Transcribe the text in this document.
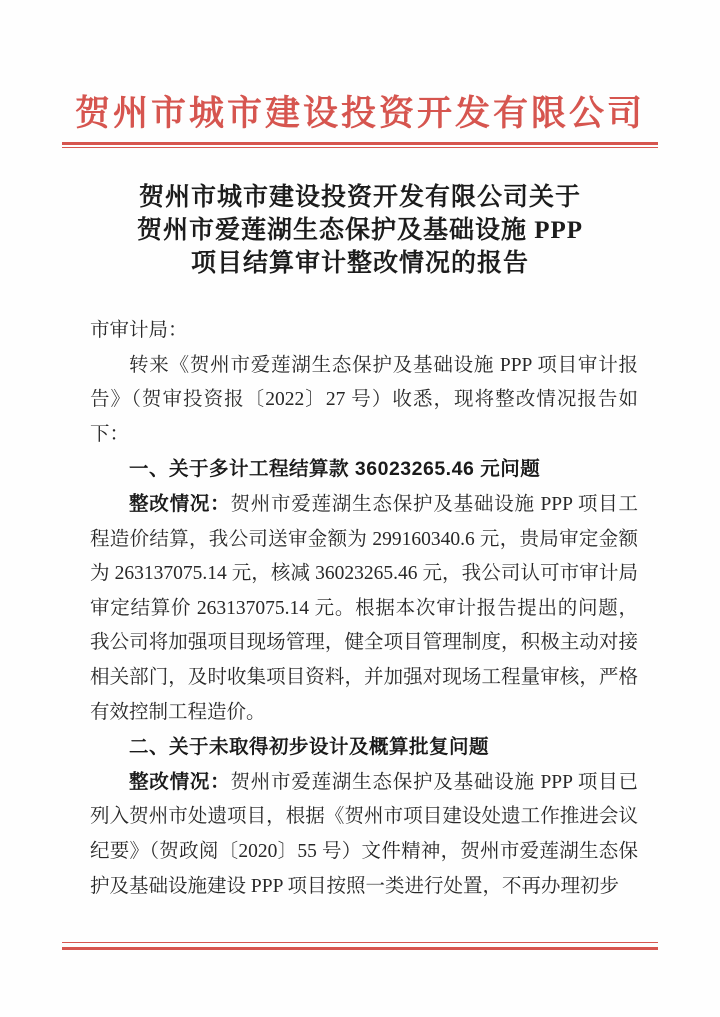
贺州市城市建设投资开发有限公司
贺州市城市建设投资开发有限公司关于
贺州市爱莲湖生态保护及基础设施 PPP
项目结算审计整改情况的报告

市审计局：

转来《贺州市爱莲湖生态保护及基础设施 PPP 项目审计报告》（贺审投资报〔2022〕27 号）收悉，现将整改情况报告如下：

一、关于多计工程结算款 36023265.46 元问题

整改情况：贺州市爱莲湖生态保护及基础设施 PPP 项目工程造价结算，我公司送审金额为 299160340.6 元，贵局审定金额为 263137075.14 元，核减 36023265.46 元，我公司认可市审计局审定结算价 263137075.14 元。根据本次审计报告提出的问题，我公司将加强项目现场管理，健全项目管理制度，积极主动对接相关部门，及时收集项目资料，并加强对现场工程量审核，严格有效控制工程造价。

二、关于未取得初步设计及概算批复问题

整改情况：贺州市爱莲湖生态保护及基础设施 PPP 项目已列入贺州市处遗项目，根据《贺州市项目建设处遗工作推进会议纪要》（贺政阅〔2020〕55 号）文件精神，贺州市爱莲湖生态保护及基础设施建设 PPP 项目按照一类进行处置，不再办理初步
